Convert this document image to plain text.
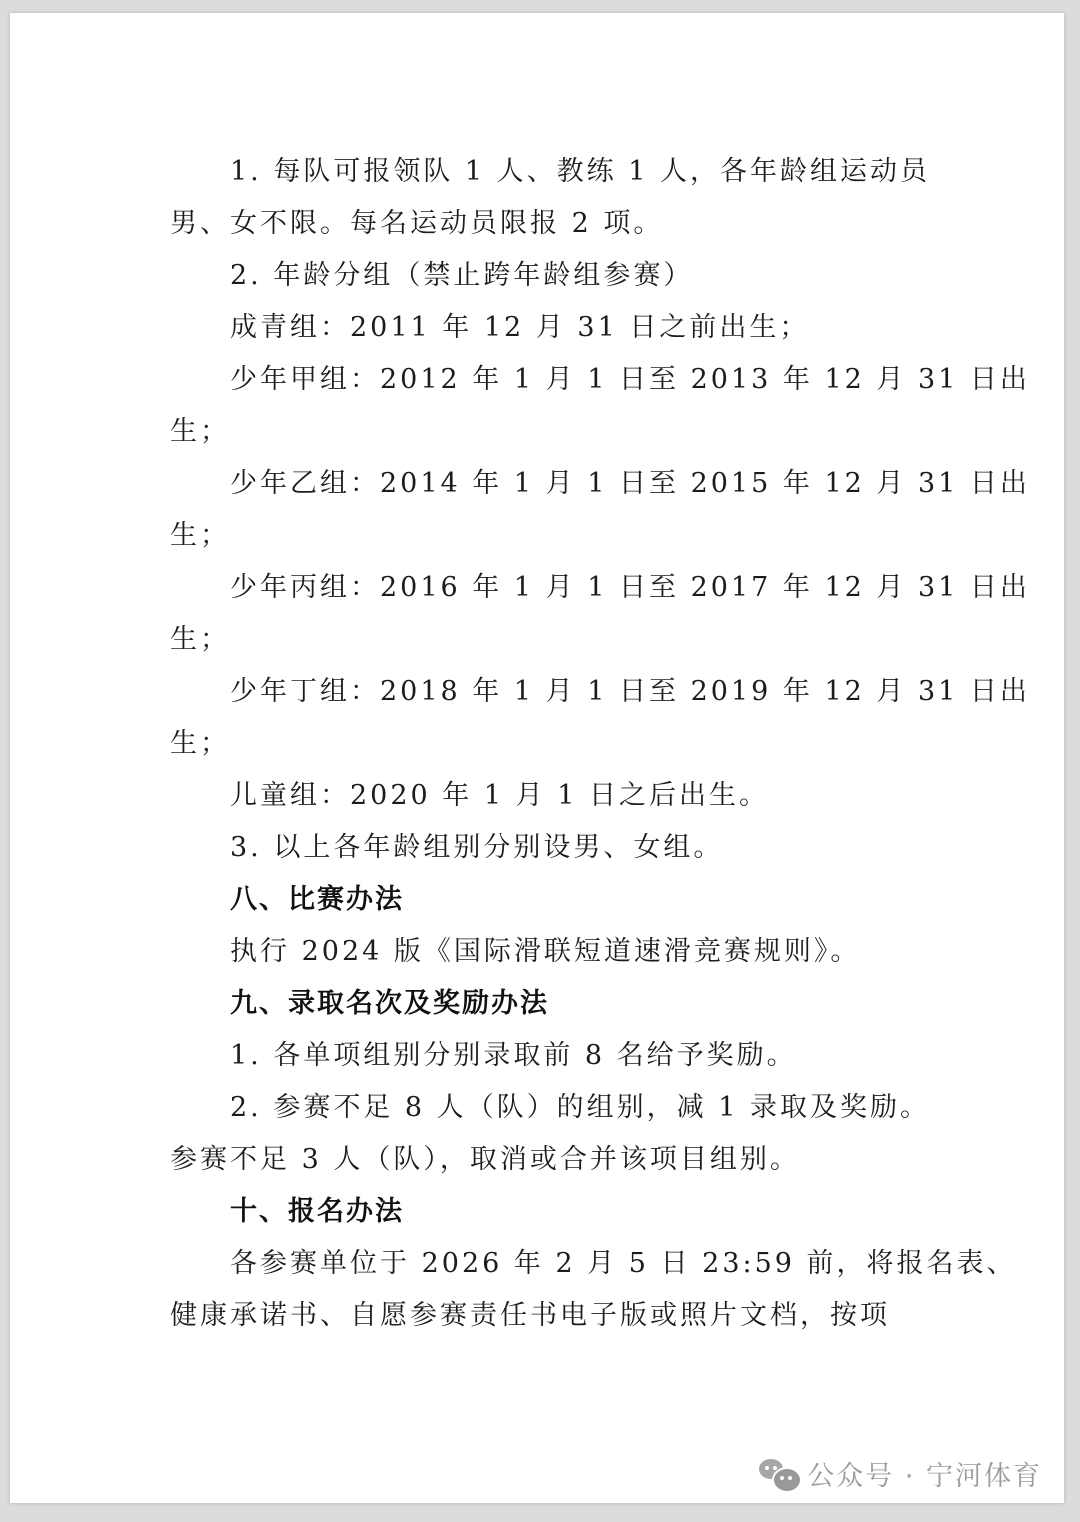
1. 每队可报领队 1 人、教练 1 人，各年龄组运动员
男、女不限。每名运动员限报 2 项。
2. 年龄分组（禁止跨年龄组参赛）
成青组：2011 年 12 月 31 日之前出生；
少年甲组：2012 年 1 月 1 日至 2013 年 12 月 31 日出
生；
少年乙组：2014 年 1 月 1 日至 2015 年 12 月 31 日出
生；
少年丙组：2016 年 1 月 1 日至 2017 年 12 月 31 日出
生；
少年丁组：2018 年 1 月 1 日至 2019 年 12 月 31 日出
生；
儿童组：2020 年 1 月 1 日之后出生。
3. 以上各年龄组别分别设男、女组。
八、比赛办法
执行 2024 版《国际滑联短道速滑竞赛规则》。
九、录取名次及奖励办法
1. 各单项组别分别录取前 8 名给予奖励。
2. 参赛不足 8 人（队）的组别，减 1 录取及奖励。
参赛不足 3 人（队），取消或合并该项目组别。
十、报名办法
各参赛单位于 2026 年 2 月 5 日 23:59 前，将报名表、
健康承诺书、自愿参赛责任书电子版或照片文档，按项
公众号 · 宁河体育
